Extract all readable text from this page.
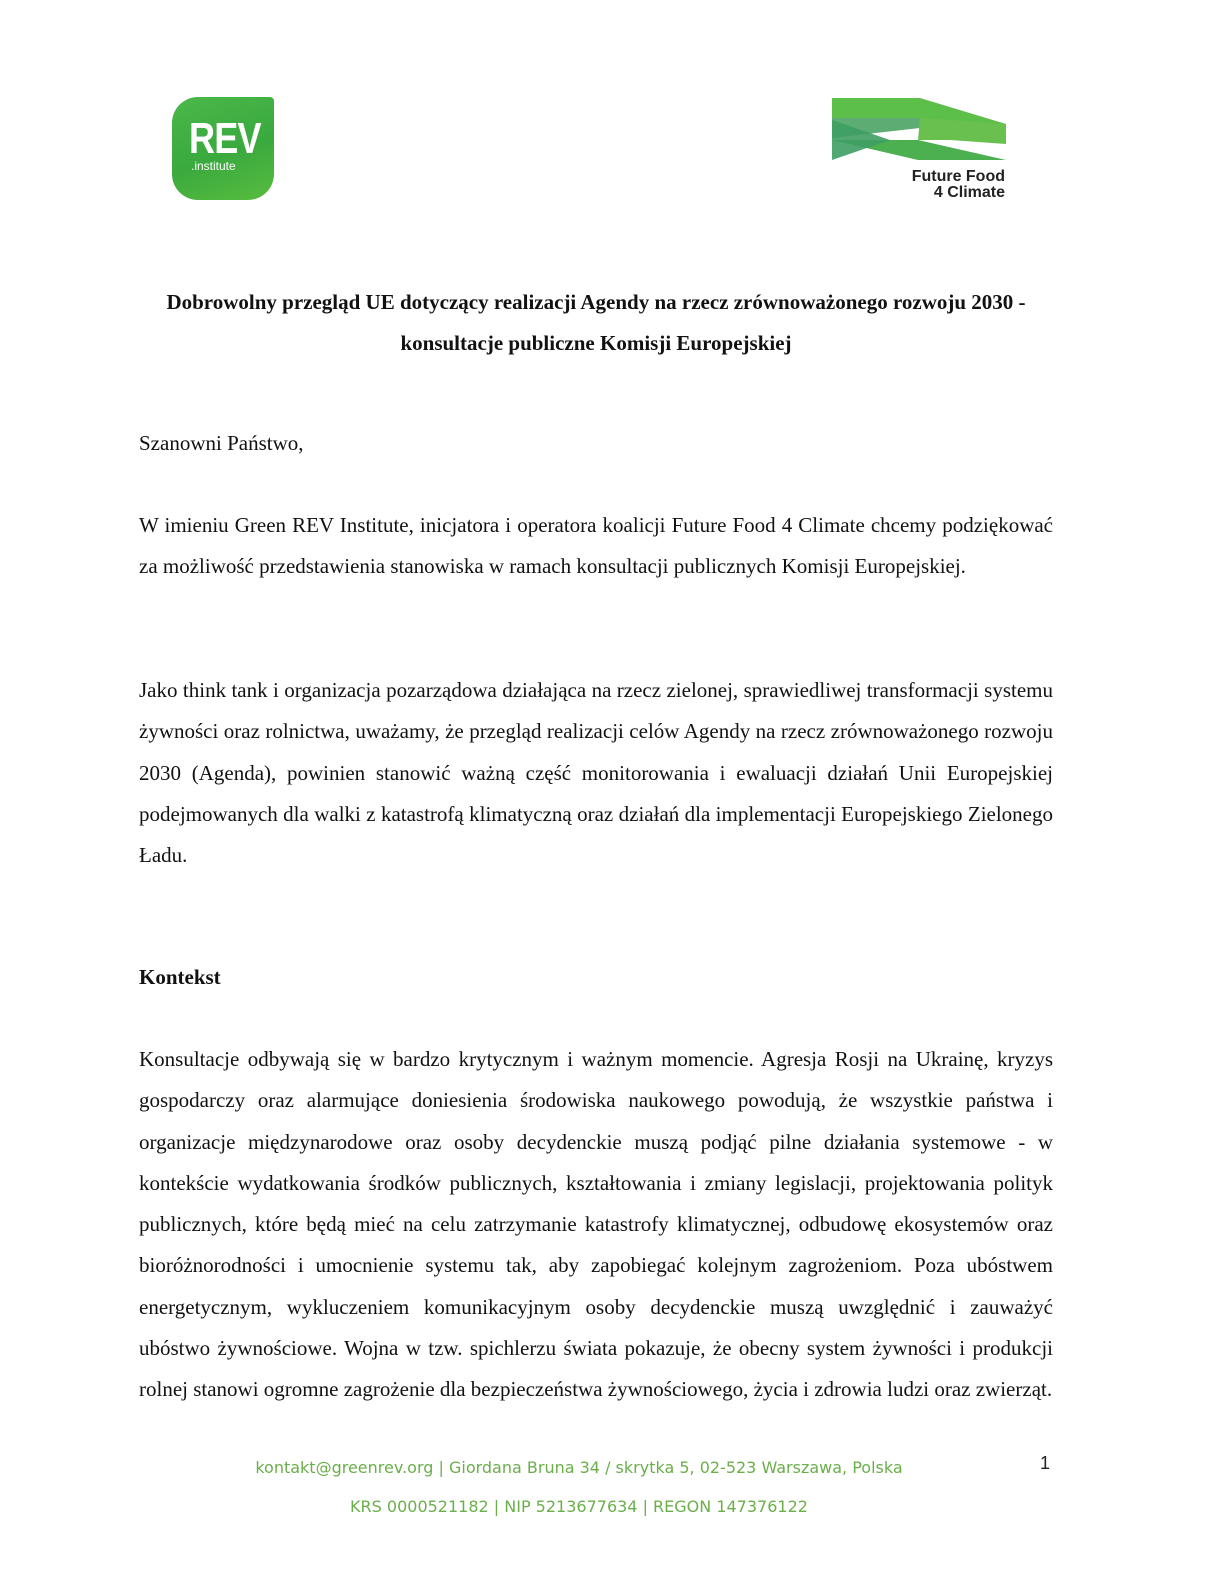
REV
.institute
Future Food
4 Climate
Dobrowolny przegląd UE dotyczący realizacji Agendy na rzecz zrównoważonego rozwoju 2030 - konsultacje publiczne Komisji Europejskiej

Szanowni Państwo,

W imieniu Green REV Institute, inicjatora i operatora koalicji Future Food 4 Climate chcemy podziękować za możliwość przedstawienia stanowiska w ramach konsultacji publicznych Komisji Europejskiej.

Jako think tank i organizacja pozarządowa działająca na rzecz zielonej, sprawiedliwej transformacji systemu żywności oraz rolnictwa, uważamy, że przegląd realizacji celów Agendy na rzecz zrównoważonego rozwoju 2030 (Agenda), powinien stanowić ważną część monitorowania i ewaluacji działań Unii Europejskiej podejmowanych dla walki z katastrofą klimatyczną oraz działań dla implementacji Europejskiego Zielonego Ładu.

Kontekst

Konsultacje odbywają się w bardzo krytycznym i ważnym momencie. Agresja Rosji na Ukrainę, kryzys gospodarczy oraz alarmujące doniesienia środowiska naukowego powodują, że wszystkie państwa i organizacje międzynarodowe oraz osoby decydenckie muszą podjąć pilne działania systemowe - w kontekście wydatkowania środków publicznych, kształtowania i zmiany legislacji, projektowania polityk publicznych, które będą mieć na celu zatrzymanie katastrofy klimatycznej, odbudowę ekosystemów oraz bioróżnorodności i umocnienie systemu tak, aby zapobiegać kolejnym zagrożeniom. Poza ubóstwem energetycznym, wykluczeniem komunikacyjnym osoby decydenckie muszą uwzględnić i zauważyć ubóstwo żywnościowe. Wojna w tzw. spichlerzu świata pokazuje, że obecny system żywności i produkcji rolnej stanowi ogromne zagrożenie dla bezpieczeństwa żywnościowego, życia i zdrowia ludzi oraz zwierząt.

1

kontakt@greenrev.org | Giordana Bruna 34 / skrytka 5, 02-523 Warszawa, Polska

KRS 0000521182 | NIP 5213677634 | REGON 147376122
